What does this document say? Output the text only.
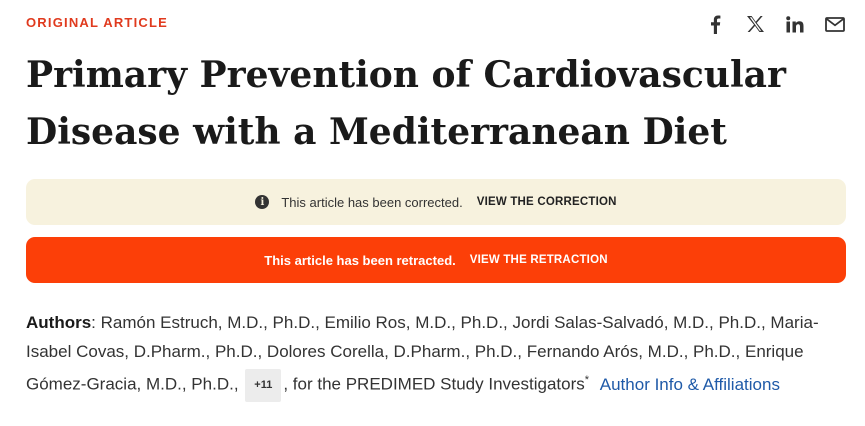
ORIGINAL ARTICLE
Primary Prevention of Cardiovascular Disease with a Mediterranean Diet
i	This article has been corrected. VIEW THE CORRECTION
This article has been retracted. VIEW THE RETRACTION

Authors: Ramón Estruch, M.D., Ph.D., Emilio Ros, M.D., Ph.D., Jordi Salas-Salvadó, M.D., Ph.D., Maria-Isabel Covas, D.Pharm., Ph.D., Dolores Corella, D.Pharm., Ph.D., Fernando Arós, M.D., Ph.D., Enrique Gómez-Gracia, M.D., Ph.D., +11 , for the PREDIMED Study Investigators* Author Info & Affiliations
